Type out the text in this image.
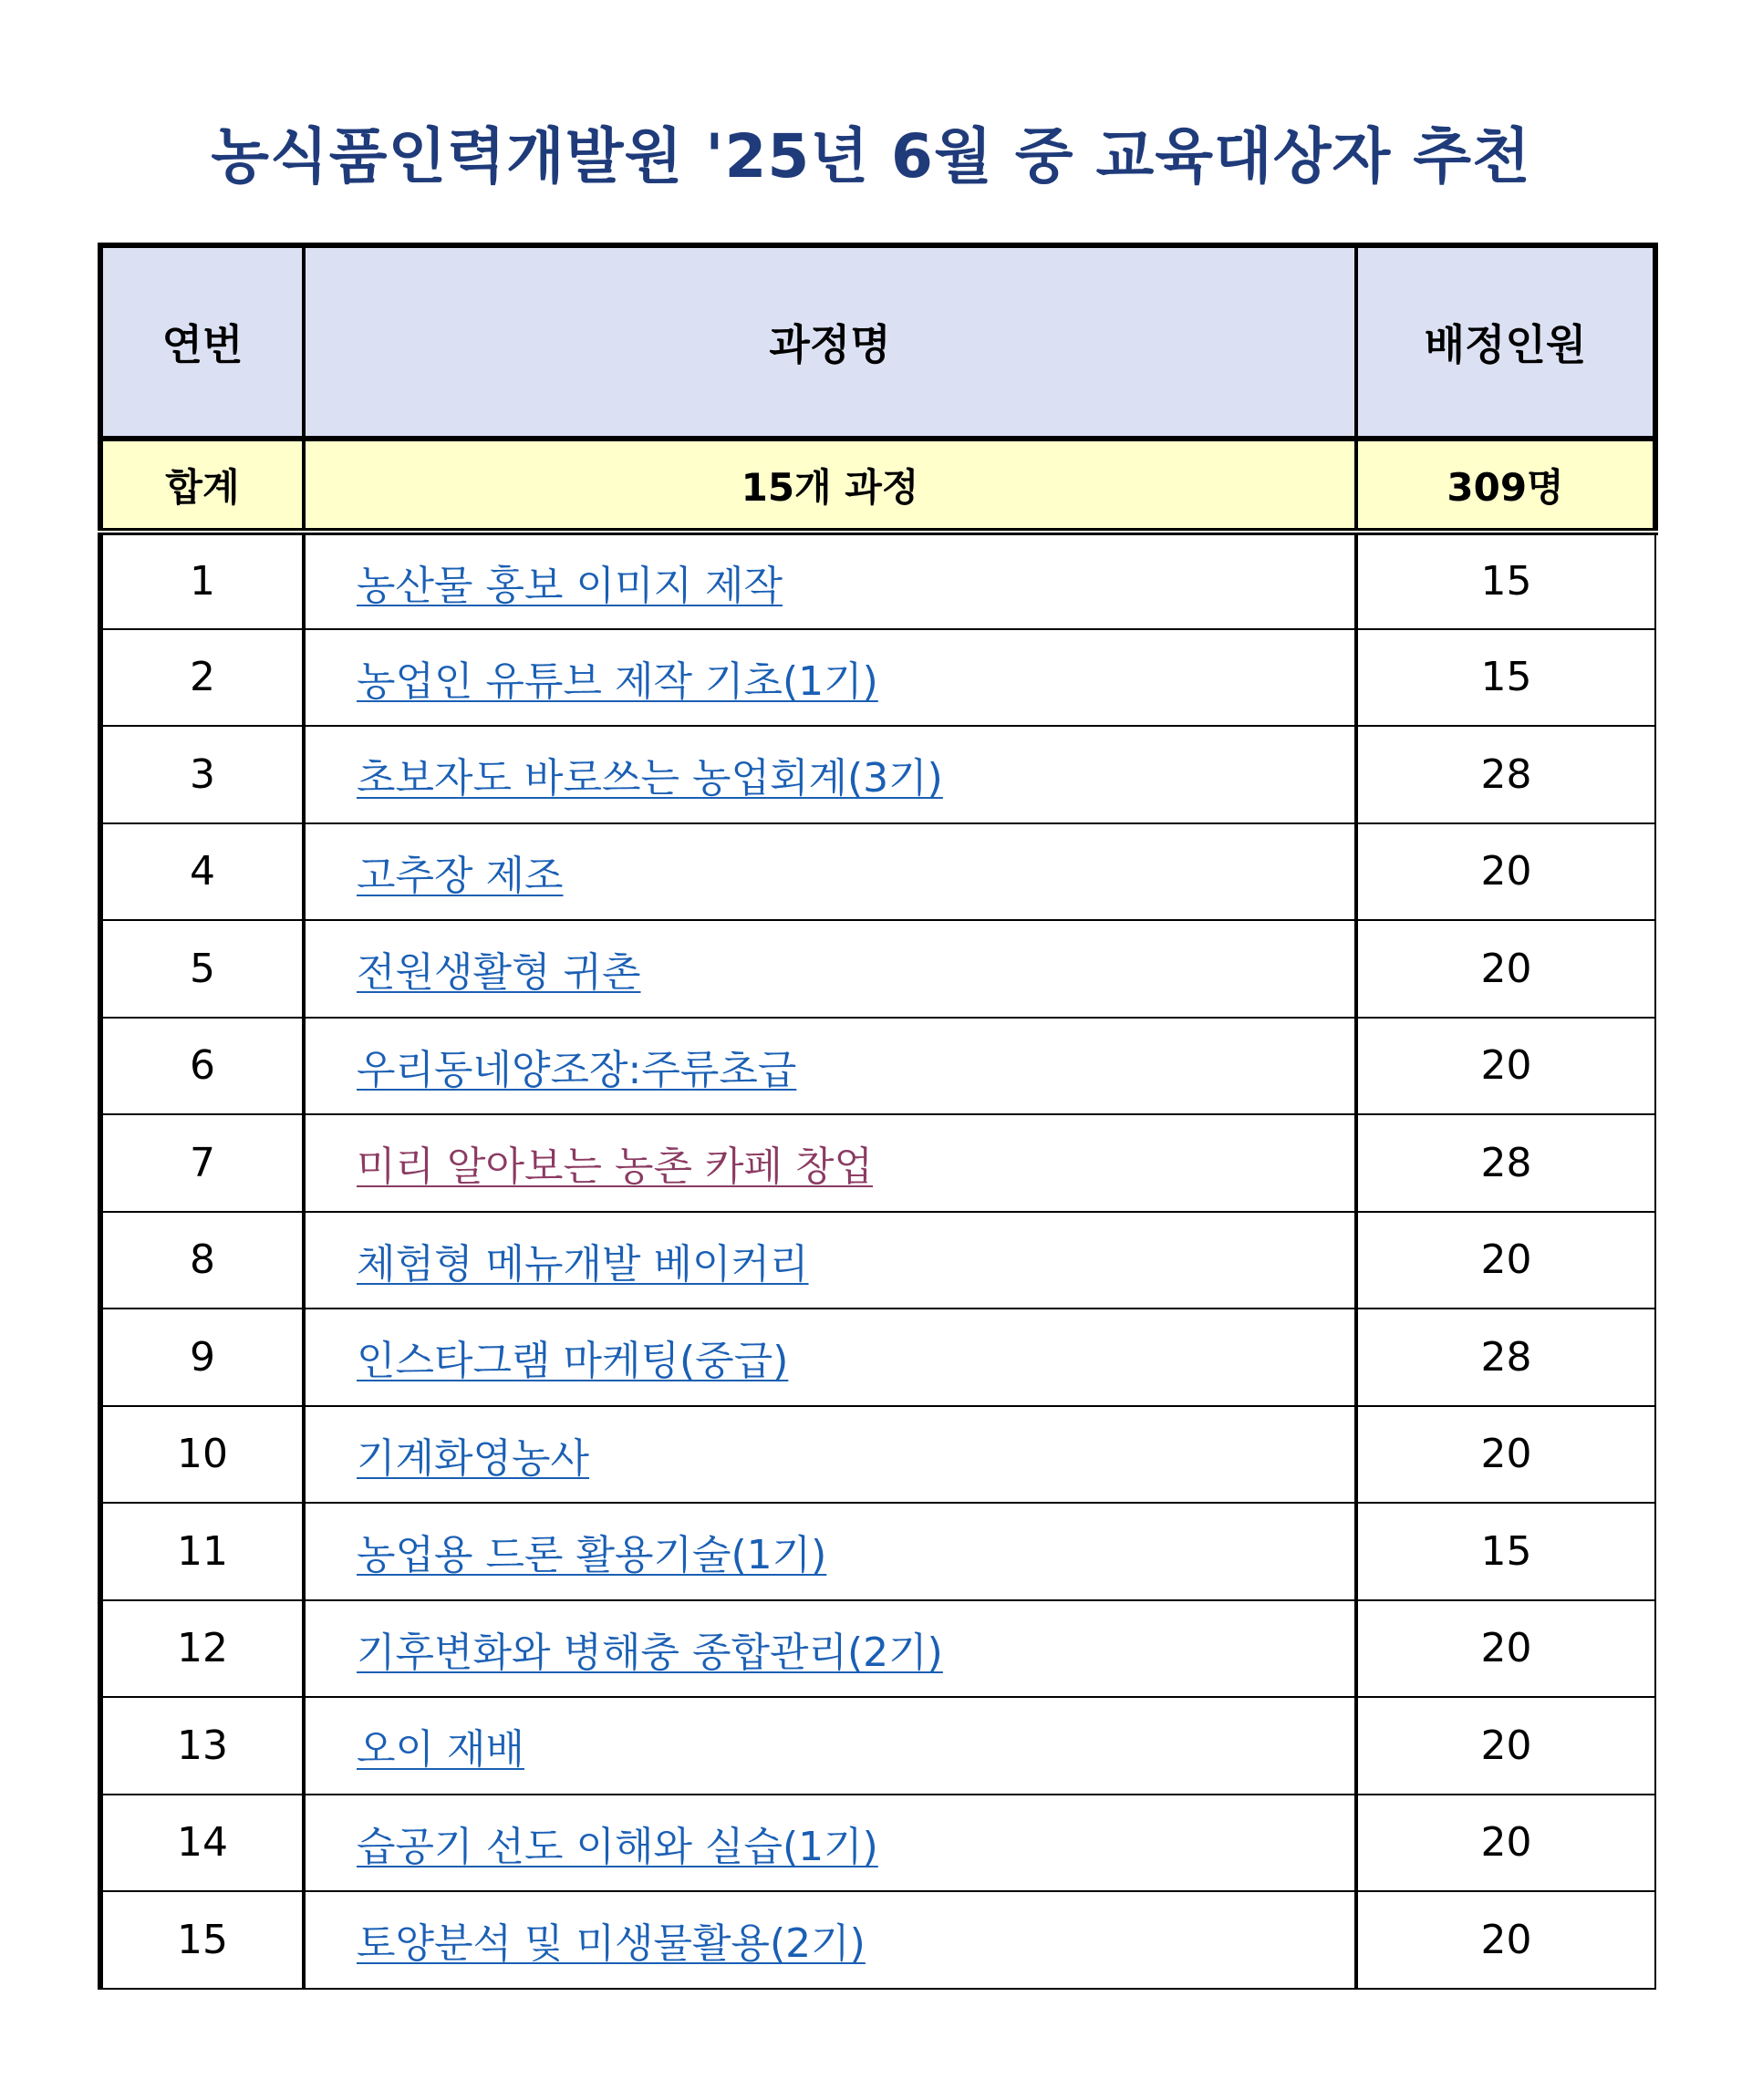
농식품인력개발원 '25년 6월 중 교육대상자 추천
연번	과정명	배정인원
합계	15개 과정	309명
1	농산물 홍보 이미지 제작	15
2	농업인 유튜브 제작 기초(1기)	15
3	초보자도 바로쓰는 농업회계(3기)	28
4	고추장 제조	20
5	전원생활형 귀촌	20
6	우리동네양조장:주류초급	20
7	미리 알아보는 농촌 카페 창업	28
8	체험형 메뉴개발 베이커리	20
9	인스타그램 마케팅(중급)	28
10	기계화영농사	20
11	농업용 드론 활용기술(1기)	15
12	기후변화와 병해충 종합관리(2기)	20
13	오이 재배	20
14	습공기 선도 이해와 실습(1기)	20
15	토양분석 및 미생물활용(2기)	20
